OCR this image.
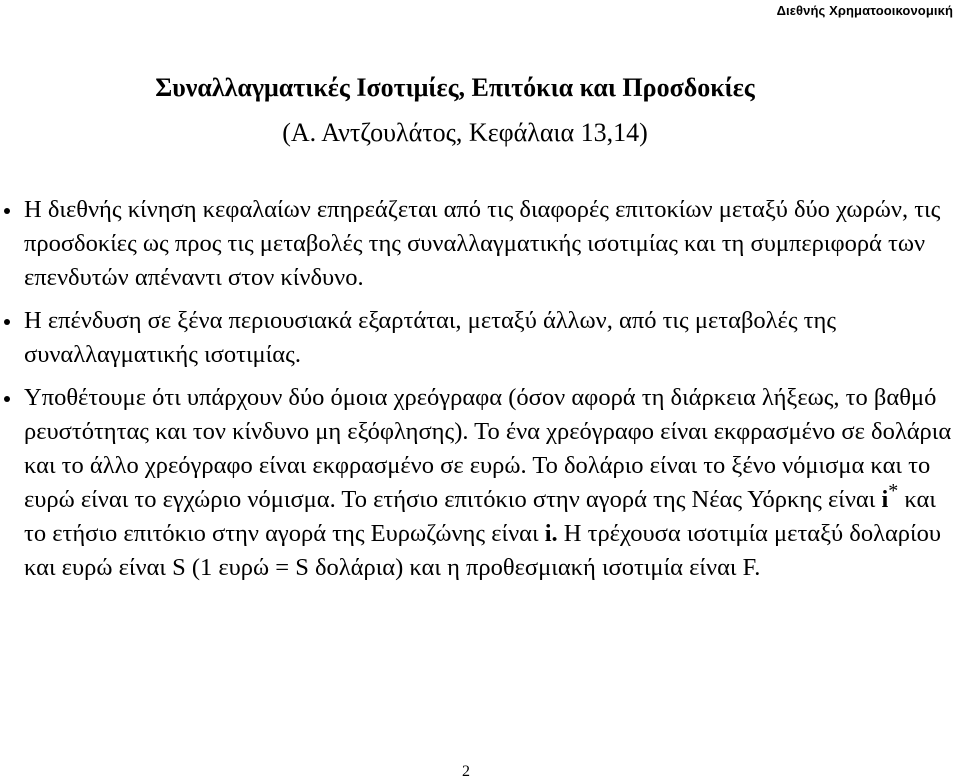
Διεθνής Χρηματοοικονομική
Συναλλαγματικές Ισοτιμίες, Επιτόκια και Προσδοκίες
(Α. Αντζουλάτος, Κεφάλαια 13,14)
Η διεθνής κίνηση κεφαλαίων επηρεάζεται από τις διαφορές επιτοκίων μεταξύ δύο χωρών, τις προσδοκίες ως προς τις μεταβολές της συναλλαγματικής ισοτιμίας και τη συμπεριφορά των επενδυτών απέναντι στον κίνδυνο.
Η επένδυση σε ξένα περιουσιακά εξαρτάται, μεταξύ άλλων, από τις μεταβολές της συναλλαγματικής ισοτιμίας.
Υποθέτουμε ότι υπάρχουν δύο όμοια χρεόγραφα (όσον αφορά τη διάρκεια λήξεως, το βαθμό ρευστότητας και τον κίνδυνο μη εξόφλησης). Το ένα χρεόγραφο είναι εκφρασμένο σε δολάρια και το άλλο χρεόγραφο είναι εκφρασμένο σε ευρώ. Το δολάριο είναι το ξένο νόμισμα και το ευρώ είναι το εγχώριο νόμισμα. Το ετήσιο επιτόκιο στην αγορά της Νέας Υόρκης είναι i* και το ετήσιο επιτόκιο στην αγορά της Ευρωζώνης είναι i. Η τρέχουσα ισοτιμία μεταξύ δολαρίου και ευρώ είναι S (1 ευρώ = S δολάρια) και η προθεσμιακή ισοτιμία είναι F.
2
